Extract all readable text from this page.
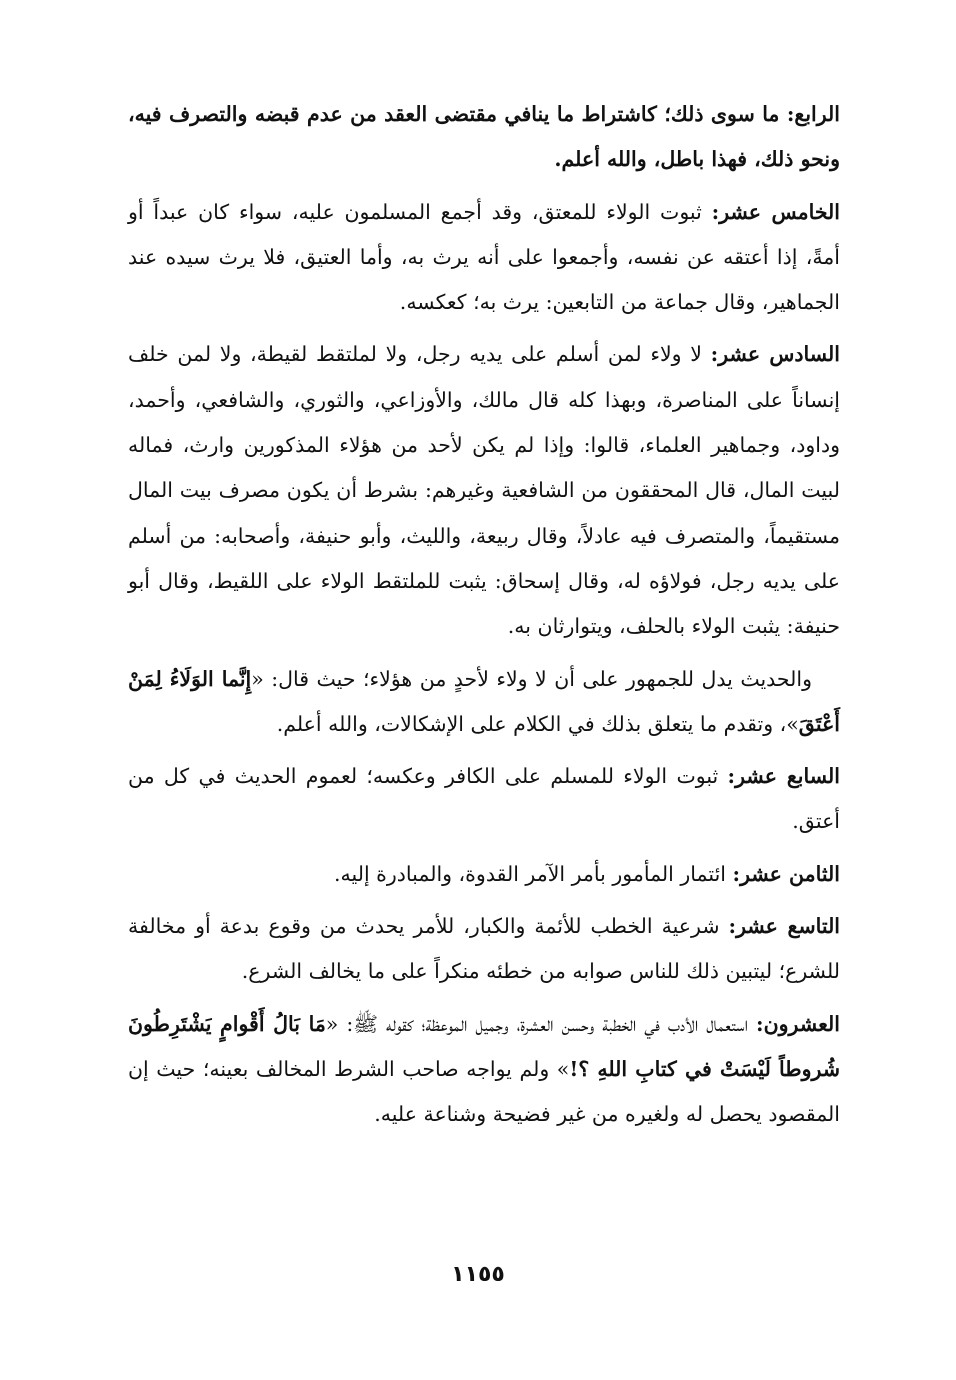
الرابع: ما سوى ذلك؛ كاشتراط ما ينافي مقتضى العقد من عدم قبضه والتصرف فيه، ونحو ذلك، فهذا باطل، والله أعلم.

الخامس عشر: ثبوت الولاء للمعتق، وقد أجمع المسلمون عليه، سواء كان عبداً أو أمةً، إذا أعتقه عن نفسه، وأجمعوا على أنه يرث به، وأما العتيق، فلا يرث سيده عند الجماهير، وقال جماعة من التابعين: يرث به؛ كعكسه.

السادس عشر: لا ولاء لمن أسلم على يديه رجل، ولا لملتقط لقيطة، ولا لمن خلف إنساناً على المناصرة، وبهذا كله قال مالك، والأوزاعي، والثوري، والشافعي، وأحمد، وداود، وجماهير العلماء، قالوا: وإذا لم يكن لأحد من هؤلاء المذكورين وارث، فماله لبيت المال، قال المحققون من الشافعية وغيرهم: بشرط أن يكون مصرف بيت المال مستقيماً، والمتصرف فيه عادلاً، وقال ربيعة، والليث، وأبو حنيفة، وأصحابه: من أسلم على يديه رجل، فولاؤه له، وقال إسحاق: يثبت للملتقط الولاء على اللقيط، وقال أبو حنيفة: يثبت الولاء بالحلف، ويتوارثان به.

والحديث يدل للجمهور على أن لا ولاء لأحدٍ من هؤلاء؛ حيث قال: «إِنَّما الوَلَاءُ لِمَنْ أَعْتَقَ»، وتقدم ما يتعلق بذلك في الكلام على الإشكالات، والله أعلم.

السابع عشر: ثبوت الولاء للمسلم على الكافر وعكسه؛ لعموم الحديث في كل من أعتق.

الثامن عشر: ائتمار المأمور بأمر الآمر القدوة، والمبادرة إليه.

التاسع عشر: شرعية الخطب للأئمة والكبار، للأمر يحدث من وقوع بدعة أو مخالفة للشرع؛ ليتبين ذلك للناس صوابه من خطئه منكراً على ما يخالف الشرع.

العشرون: استعمال الأدب في الخطبة وحسن العشرة، وجميل الموعظة؛ كقوله ﷺ: «مَا بَالُ أَقْوامٍ يَشْتَرِطُونَ شُروطاً لَيْسَتْ في كتابِ اللهِ ؟!» ولم يواجه صاحب الشرط المخالف بعينه؛ حيث إن المقصود يحصل له ولغيره من غير فضيحة وشناعة عليه.

١١٥٥
